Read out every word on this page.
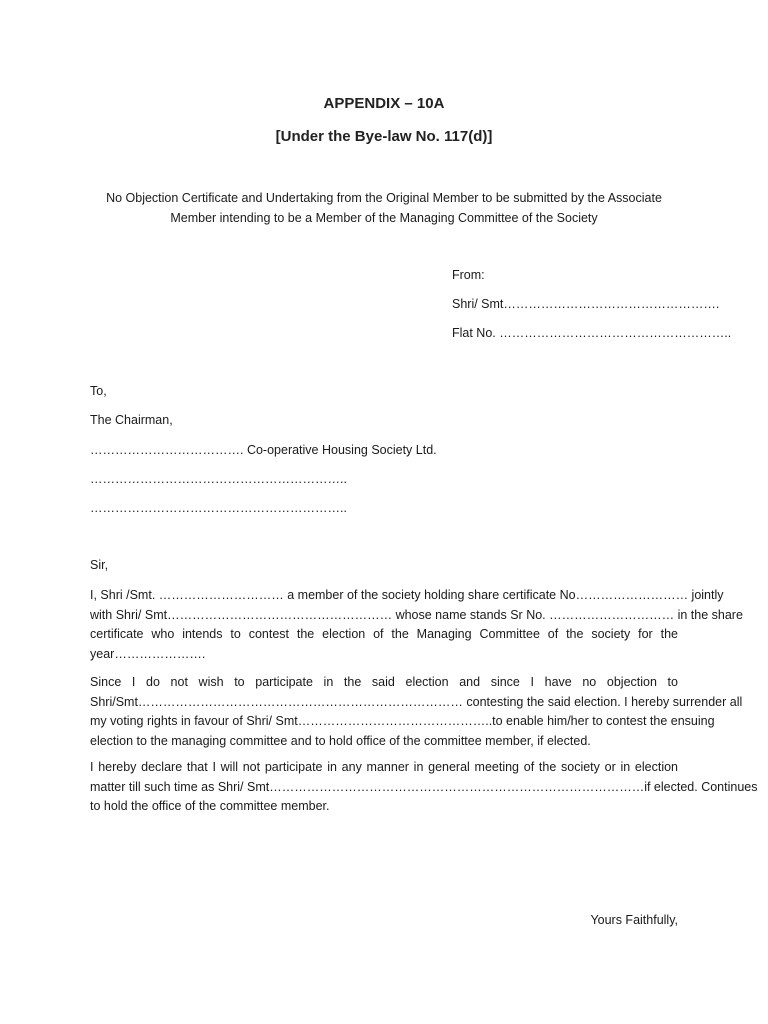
APPENDIX – 10A
[Under the Bye-law No. 117(d)]
No Objection Certificate and Undertaking from the Original Member to be submitted by the Associate
Member intending to be a Member of the Managing Committee of the Society
From:
Shri/ Smt…………………………………………….
Flat No. ………………………………………………..
To,
The Chairman,
………………………………. Co-operative Housing Society Ltd.
……………………………………………………..
……………………………………………………..
Sir,
I, Shri /Smt. ………………………… a member of the society holding share certificate No……………………… jointly
with Shri/ Smt……………………………………………… whose name stands Sr No. ………………………… in the share
certificate who intends to contest the election of the Managing Committee of the society for the
year………………….
Since I do not wish to participate in the said election and since I have no objection to
Shri/Smt…………………………………………………………………… contesting the said election. I hereby surrender all
my voting rights in favour of Shri/ Smt………………………………………..to enable him/her to contest the ensuing
election to the managing committee and to hold office of the committee member, if elected.
I hereby declare that I will not participate in any manner in general meeting of the society or in election
matter till such time as Shri/ Smt………………………………………………………………………………if elected. Continues
to hold the office of the committee member.
Yours Faithfully,
